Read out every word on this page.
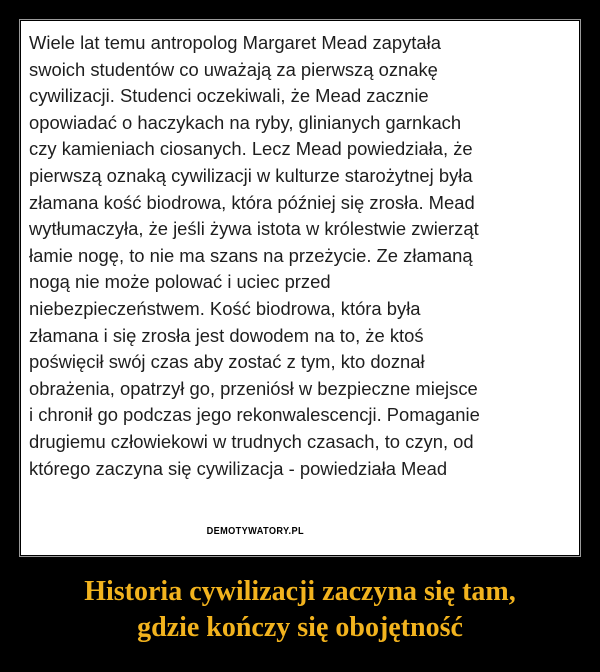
Wiele lat temu antropolog Margaret Mead zapytała
swoich studentów co uważają za pierwszą oznakę
cywilizacji. Studenci oczekiwali, że Mead zacznie
opowiadać o haczykach na ryby, glinianych garnkach
czy kamieniach ciosanych. Lecz Mead powiedziała, że
pierwszą oznaką cywilizacji w kulturze starożytnej była
złamana kość biodrowa, która później się zrosła. Mead
wytłumaczyła, że jeśli żywa istota w królestwie zwierząt
łamie nogę, to nie ma szans na przeżycie. Ze złamaną
nogą nie może polować i uciec przed
niebezpieczeństwem. Kość biodrowa, która była
złamana i się zrosła jest dowodem na to, że ktoś
poświęcił swój czas aby zostać z tym, kto doznał
obrażenia, opatrzył go, przeniósł w bezpieczne miejsce
i chronił go podczas jego rekonwalescencji. Pomaganie
drugiemu człowiekowi w trudnych czasach, to czyn, od
którego zaczyna się cywilizacja - powiedziała Mead

DEMOTYWATORY.PL
Historia cywilizacji zaczyna się tam,
gdzie kończy się obojętność
